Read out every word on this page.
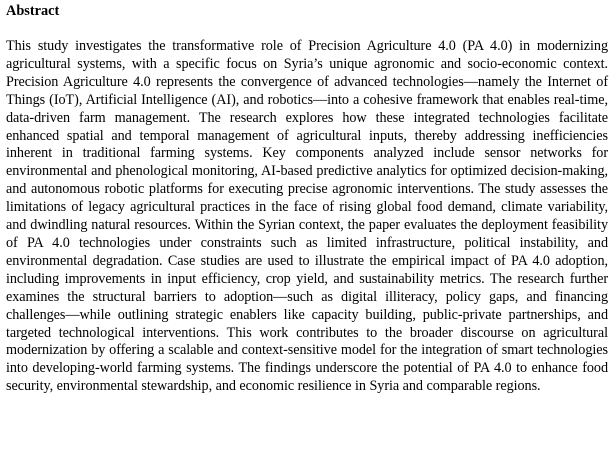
Abstract

This study investigates the transformative role of Precision Agriculture 4.0 (PA 4.0) in modernizing agricultural systems, with a specific focus on Syria’s unique agronomic and socio-economic context. Precision Agriculture 4.0 represents the convergence of advanced technologies—namely the Internet of Things (IoT), Artificial Intelligence (AI), and robotics—into a cohesive framework that enables real-time, data-driven farm management. The research explores how these integrated technologies facilitate enhanced spatial and temporal management of agricultural inputs, thereby addressing inefficiencies inherent in traditional farming systems. Key components analyzed include sensor networks for environmental and phenological monitoring, AI-based predictive analytics for optimized decision-making, and autonomous robotic platforms for executing precise agronomic interventions. The study assesses the limitations of legacy agricultural practices in the face of rising global food demand, climate variability, and dwindling natural resources. Within the Syrian context, the paper evaluates the deployment feasibility of PA 4.0 technologies under constraints such as limited infrastructure, political instability, and environmental degradation. Case studies are used to illustrate the empirical impact of PA 4.0 adoption, including improvements in input efficiency, crop yield, and sustainability metrics. The research further examines the structural barriers to adoption—such as digital illiteracy, policy gaps, and financing challenges—while outlining strategic enablers like capacity building, public-private partnerships, and targeted technological interventions. This work contributes to the broader discourse on agricultural modernization by offering a scalable and context-sensitive model for the integration of smart technologies into developing-world farming systems. The findings underscore the potential of PA 4.0 to enhance food security, environmental stewardship, and economic resilience in Syria and comparable regions.
